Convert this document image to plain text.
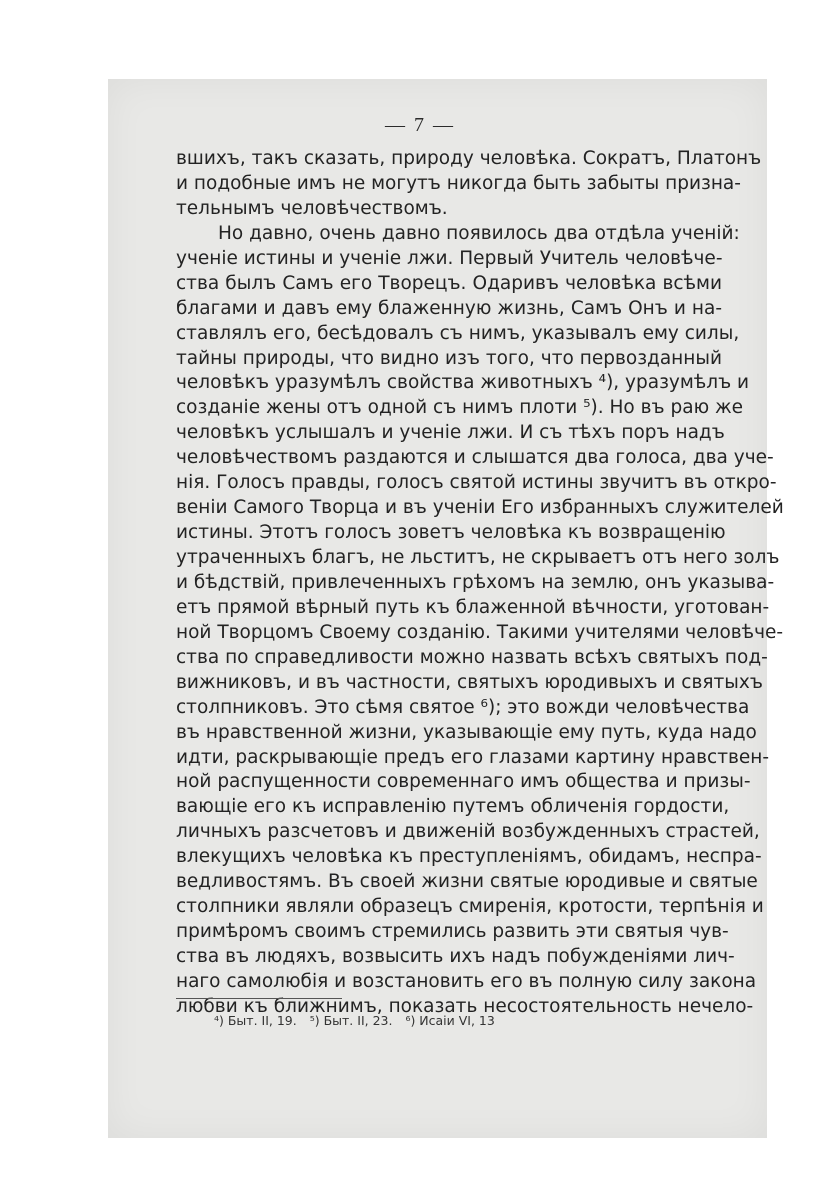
— 7 —
вшихъ, такъ сказать, природу человѣка. Сократъ, Платонъ
и подобные имъ не могутъ никогда быть забыты призна-
тельнымъ человѣчествомъ.
Но давно, очень давно появилось два отдѣла ученій:
ученіе истины и ученіе лжи. Первый Учитель человѣче-
ства былъ Самъ его Творецъ. Одаривъ человѣка всѣми
благами и давъ ему блаженную жизнь, Самъ Онъ и на-
ставлялъ его, бесѣдовалъ съ нимъ, указывалъ ему силы,
тайны природы, что видно изъ того, что первозданный
человѣкъ уразумѣлъ свойства животныхъ ⁴), уразумѣлъ и
созданіе жены отъ одной съ нимъ плоти ⁵). Но въ раю же
человѣкъ услышалъ и ученіе лжи. И съ тѣхъ поръ надъ
человѣчествомъ раздаются и слышатся два голоса, два уче-
нія. Голосъ правды, голосъ святой истины звучитъ въ откро-
веніи Самого Творца и въ ученіи Его избранныхъ служителей
истины. Этотъ голосъ зоветъ человѣка къ возвращенію
утраченныхъ благъ, не льститъ, не скрываетъ отъ него золъ
и бѣдствій, привлеченныхъ грѣхомъ на землю, онъ указыва-
етъ прямой вѣрный путь къ блаженной вѣчности, уготован-
ной Творцомъ Своему созданію. Такими учителями человѣче-
ства по справедливости можно назвать всѣхъ святыхъ под-
вижниковъ, и въ частности, святыхъ юродивыхъ и святыхъ
столпниковъ. Это сѣмя святое ⁶); это вожди человѣчества
въ нравственной жизни, указывающіе ему путь, куда надо
идти, раскрывающіе предъ его глазами картину нравствен-
ной распущенности современнаго имъ общества и призы-
вающіе его къ исправленію путемъ обличенія гордости,
личныхъ разсчетовъ и движеній возбужденныхъ страстей,
влекущихъ человѣка къ преступленіямъ, обидамъ, неспра-
ведливостямъ. Въ своей жизни святые юродивые и святые
столпники являли образецъ смиренія, кротости, терпѣнія и
примѣромъ своимъ стремились развить эти святыя чув-
ства въ людяхъ, возвысить ихъ надъ побужденіями лич-
наго самолюбія и возстановить его въ полную силу закона
любви къ ближнимъ, показать несостоятельность нечело-
⁴) Быт. II, 19. ⁵) Быт. II, 23. ⁶) Исаіи VI, 13
